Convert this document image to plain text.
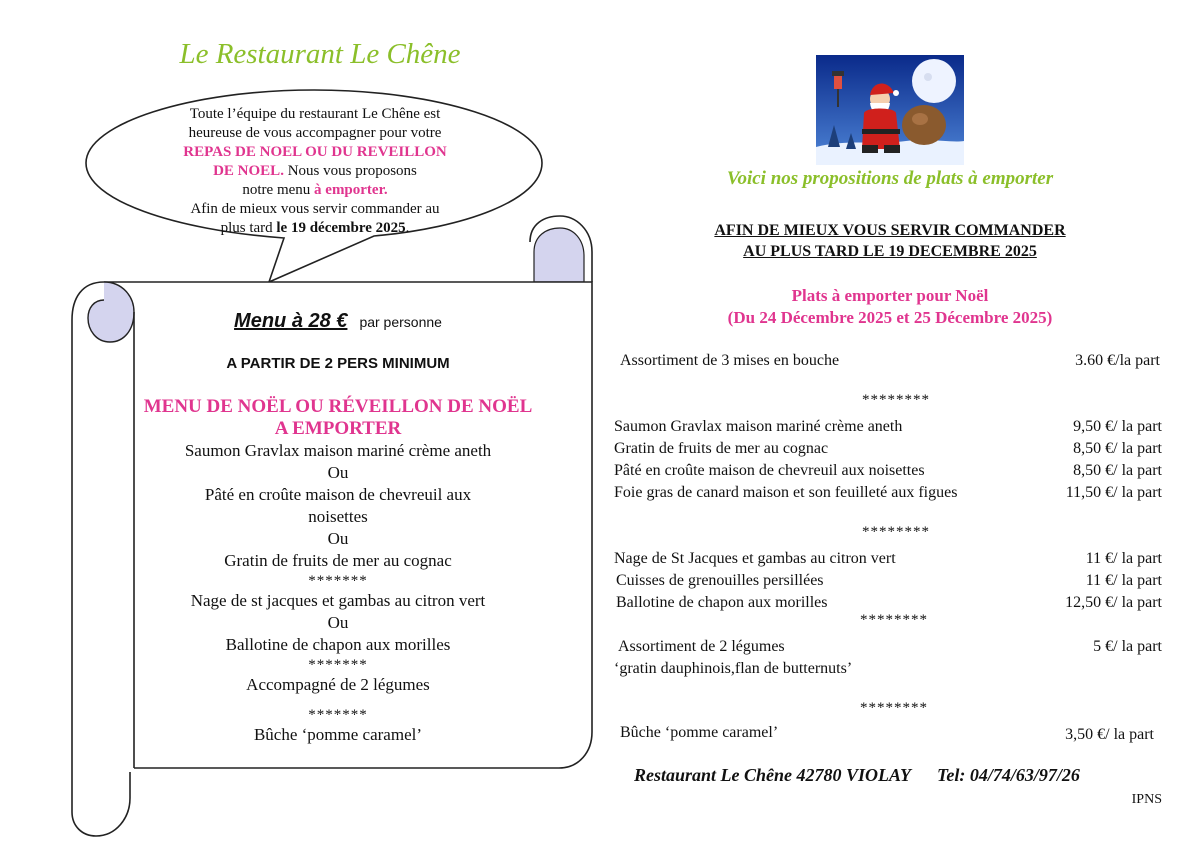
Le Restaurant Le Chêne
Toute l’équipe du restaurant Le Chêne est
heureuse de vous accompagner pour votre
REPAS DE NOEL OU DU REVEILLON
DE NOEL. Nous vous proposons
notre menu à emporter.
Afin de mieux vous servir commander au
plus tard le 19 décembre 2025.
Menu à 28 € par personne
A PARTIR DE 2 PERS MINIMUM
MENU DE NOËL OU RÉVEILLON DE NOËL A EMPORTER
Saumon Gravlax maison mariné crème aneth
Ou
Pâté en croûte maison de chevreuil aux
noisettes
Ou
Gratin de fruits de mer au cognac
*******
Nage de st jacques et gambas au citron vert
Ou
Ballotine de chapon aux morilles
*******
Accompagné de 2 légumes
*******
Bûche ‘pomme caramel’
Voici nos propositions de plats à emporter
AFIN DE MIEUX VOUS SERVIR COMMANDER
AU PLUS TARD LE 19 DECEMBRE 2025
Plats à emporter pour Noël
(Du 24 Décembre 2025 et 25 Décembre 2025)
Assortiment de 3 mises en bouche	3.60 €/la part
********
Saumon Gravlax maison mariné crème aneth	9,50 €/ la part
Gratin de fruits de mer au cognac	8,50 €/ la part
Pâté en croûte maison de chevreuil aux noisettes	8,50 €/ la part
Foie gras de canard maison et son feuilleté aux figues	11,50 €/ la part
********
Nage de St Jacques et gambas au citron vert	11 €/ la part
Cuisses de grenouilles persillées	11 €/ la part
Ballotine de chapon aux morilles	12,50 €/ la part
********
Assortiment de 2 légumes	5 €/ la part
‘gratin dauphinois,flan de butternuts’
********
Bûche ‘pomme caramel’	3,50 €/ la part
Restaurant Le Chêne 42780 VIOLAY Tel: 04/74/63/97/26
IPNS
